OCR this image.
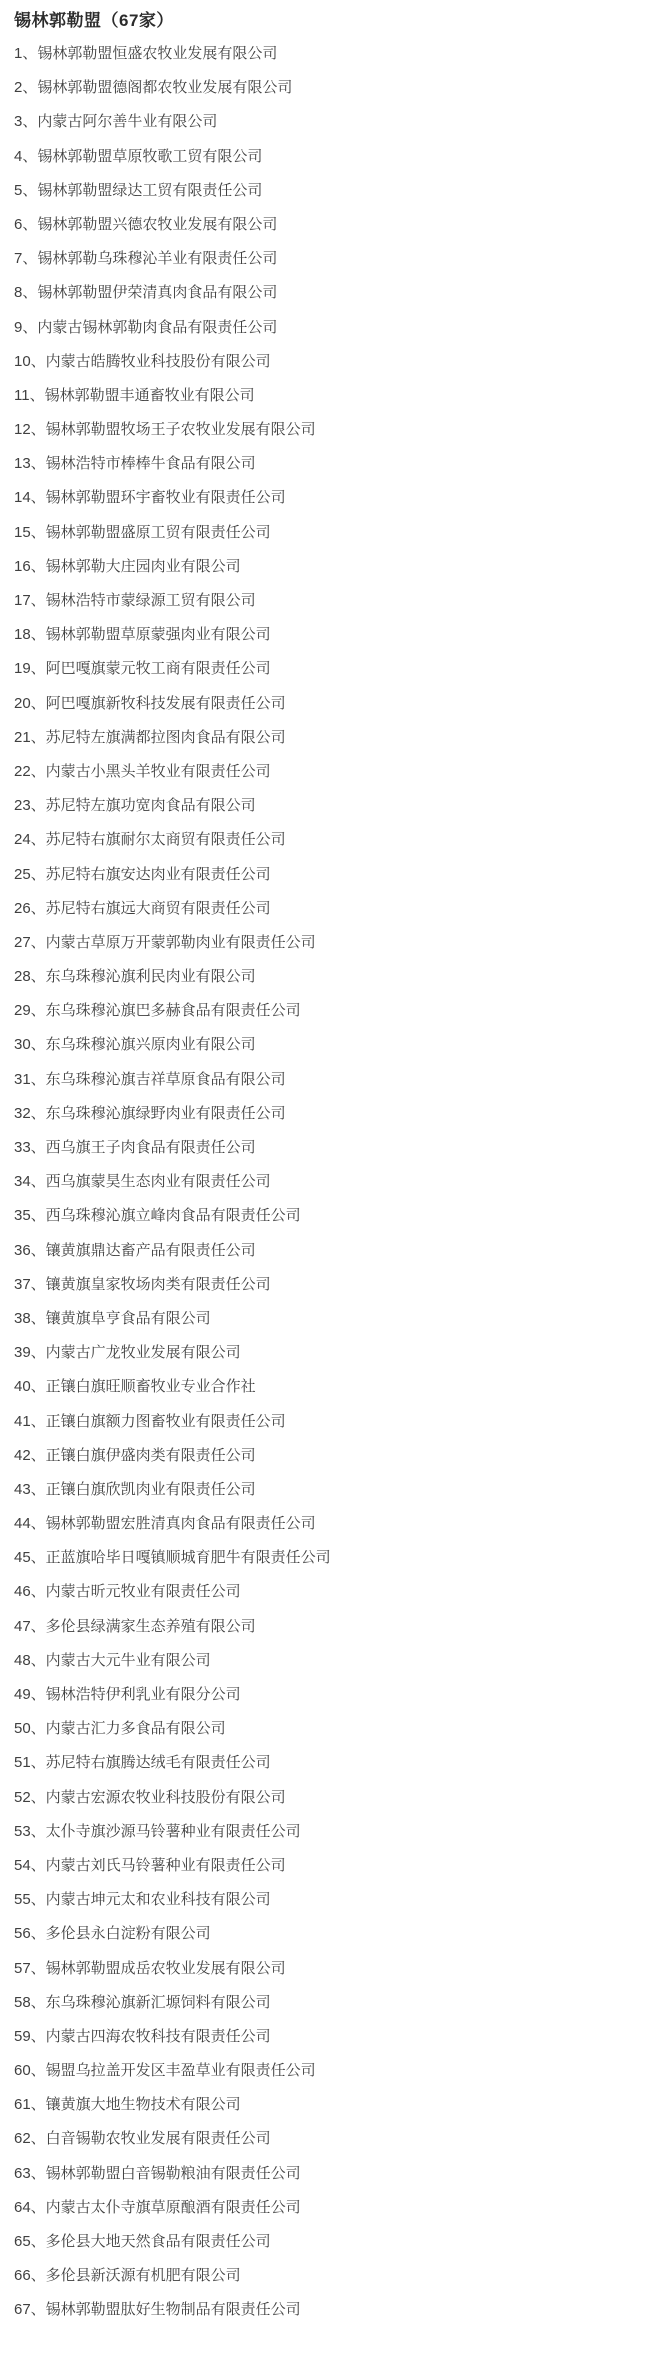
锡林郭勒盟（67家）
1、锡林郭勒盟恒盛农牧业发展有限公司
2、锡林郭勒盟德阁都农牧业发展有限公司
3、内蒙古阿尔善牛业有限公司
4、锡林郭勒盟草原牧歌工贸有限公司
5、锡林郭勒盟绿达工贸有限责任公司
6、锡林郭勒盟兴德农牧业发展有限公司
7、锡林郭勒乌珠穆沁羊业有限责任公司
8、锡林郭勒盟伊荣清真肉食品有限公司
9、内蒙古锡林郭勒肉食品有限责任公司
10、内蒙古皓腾牧业科技股份有限公司
11、锡林郭勒盟丰通畜牧业有限公司
12、锡林郭勒盟牧场王子农牧业发展有限公司
13、锡林浩特市棒棒牛食品有限公司
14、锡林郭勒盟环宇畜牧业有限责任公司
15、锡林郭勒盟盛原工贸有限责任公司
16、锡林郭勒大庄园肉业有限公司
17、锡林浩特市蒙绿源工贸有限公司
18、锡林郭勒盟草原蒙强肉业有限公司
19、阿巴嘎旗蒙元牧工商有限责任公司
20、阿巴嘎旗新牧科技发展有限责任公司
21、苏尼特左旗满都拉图肉食品有限公司
22、内蒙古小黑头羊牧业有限责任公司
23、苏尼特左旗功宽肉食品有限公司
24、苏尼特右旗耐尔太商贸有限责任公司
25、苏尼特右旗安达肉业有限责任公司
26、苏尼特右旗远大商贸有限责任公司
27、内蒙古草原万开蒙郭勒肉业有限责任公司
28、东乌珠穆沁旗利民肉业有限公司
29、东乌珠穆沁旗巴多赫食品有限责任公司
30、东乌珠穆沁旗兴原肉业有限公司
31、东乌珠穆沁旗吉祥草原食品有限公司
32、东乌珠穆沁旗绿野肉业有限责任公司
33、西乌旗王子肉食品有限责任公司
34、西乌旗蒙昊生态肉业有限责任公司
35、西乌珠穆沁旗立峰肉食品有限责任公司
36、镶黄旗鼎达畜产品有限责任公司
37、镶黄旗皇家牧场肉类有限责任公司
38、镶黄旗阜亨食品有限公司
39、内蒙古广龙牧业发展有限公司
40、正镶白旗旺顺畜牧业专业合作社
41、正镶白旗额力图畜牧业有限责任公司
42、正镶白旗伊盛肉类有限责任公司
43、正镶白旗欣凯肉业有限责任公司
44、锡林郭勒盟宏胜清真肉食品有限责任公司
45、正蓝旗哈毕日嘎镇顺城育肥牛有限责任公司
46、内蒙古昕元牧业有限责任公司
47、多伦县绿满家生态养殖有限公司
48、内蒙古大元牛业有限公司
49、锡林浩特伊利乳业有限分公司
50、内蒙古汇力多食品有限公司
51、苏尼特右旗腾达绒毛有限责任公司
52、内蒙古宏源农牧业科技股份有限公司
53、太仆寺旗沙源马铃薯种业有限责任公司
54、内蒙古刘氏马铃薯种业有限责任公司
55、内蒙古坤元太和农业科技有限公司
56、多伦县永白淀粉有限公司
57、锡林郭勒盟成岳农牧业发展有限公司
58、东乌珠穆沁旗新汇塬饲料有限公司
59、内蒙古四海农牧科技有限责任公司
60、锡盟乌拉盖开发区丰盈草业有限责任公司
61、镶黄旗大地生物技术有限公司
62、白音锡勒农牧业发展有限责任公司
63、锡林郭勒盟白音锡勒粮油有限责任公司
64、内蒙古太仆寺旗草原酿酒有限责任公司
65、多伦县大地天然食品有限责任公司
66、多伦县新沃源有机肥有限公司
67、锡林郭勒盟肽好生物制品有限责任公司
